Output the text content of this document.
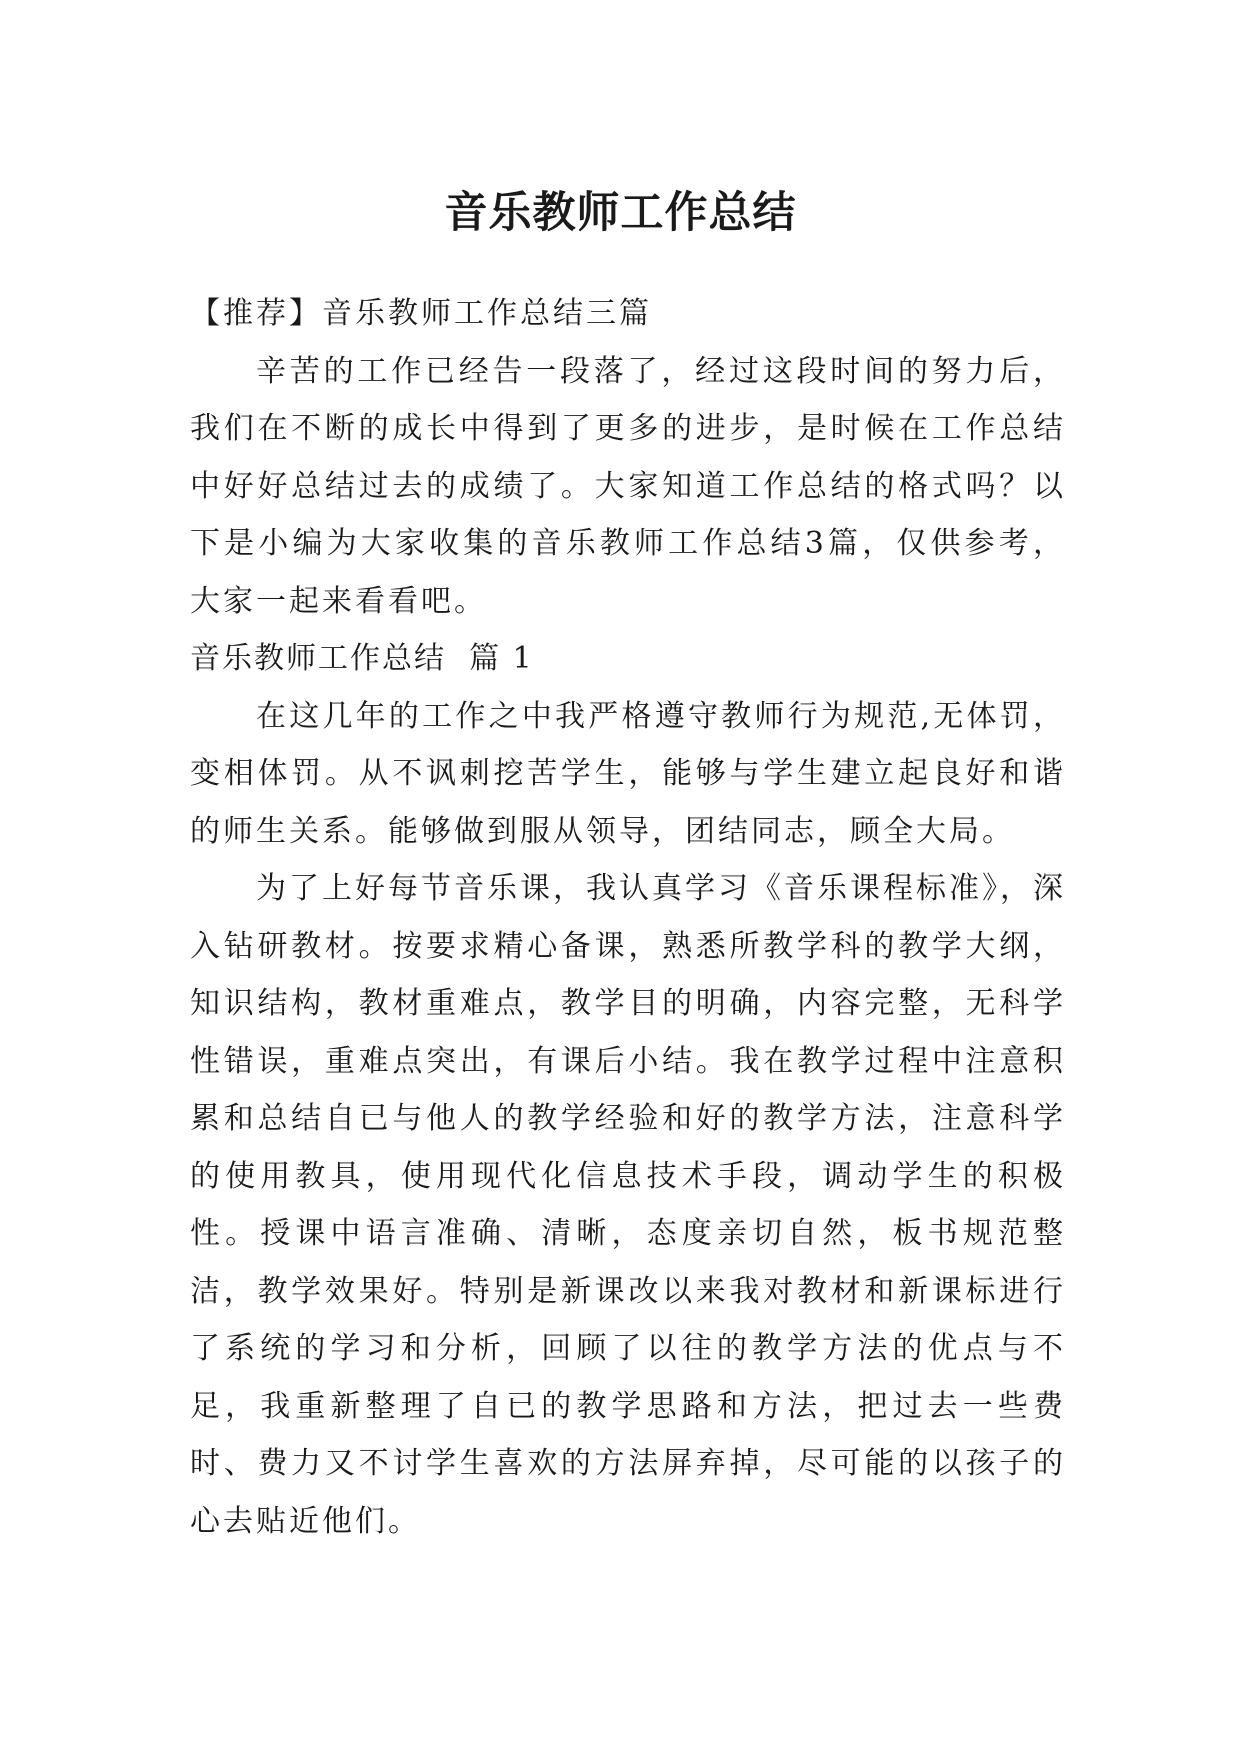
音乐教师工作总结

【推荐】音乐教师工作总结三篇

辛苦的工作已经告一段落了，经过这段时间的努力后，我们在不断的成长中得到了更多的进步，是时候在工作总结中好好总结过去的成绩了。大家知道工作总结的格式吗？以下是小编为大家收集的音乐教师工作总结3篇，仅供参考，大家一起来看看吧。

音乐教师工作总结  篇 1

在这几年的工作之中我严格遵守教师行为规范,无体罚，变相体罚。从不讽刺挖苦学生，能够与学生建立起良好和谐的师生关系。能够做到服从领导，团结同志，顾全大局。

为了上好每节音乐课，我认真学习《音乐课程标准》，深入钻研教材。按要求精心备课，熟悉所教学科的教学大纲，知识结构，教材重难点，教学目的明确，内容完整，无科学性错误，重难点突出，有课后小结。我在教学过程中注意积累和总结自已与他人的教学经验和好的教学方法，注意科学的使用教具，使用现代化信息技术手段，调动学生的积极性。授课中语言准确、清晰，态度亲切自然，板书规范整洁，教学效果好。特别是新课改以来我对教材和新课标进行了系统的学习和分析，回顾了以往的教学方法的优点与不足，我重新整理了自已的教学思路和方法，把过去一些费时、费力又不讨学生喜欢的方法屏弃掉，尽可能的以孩子的心去贴近他们。
